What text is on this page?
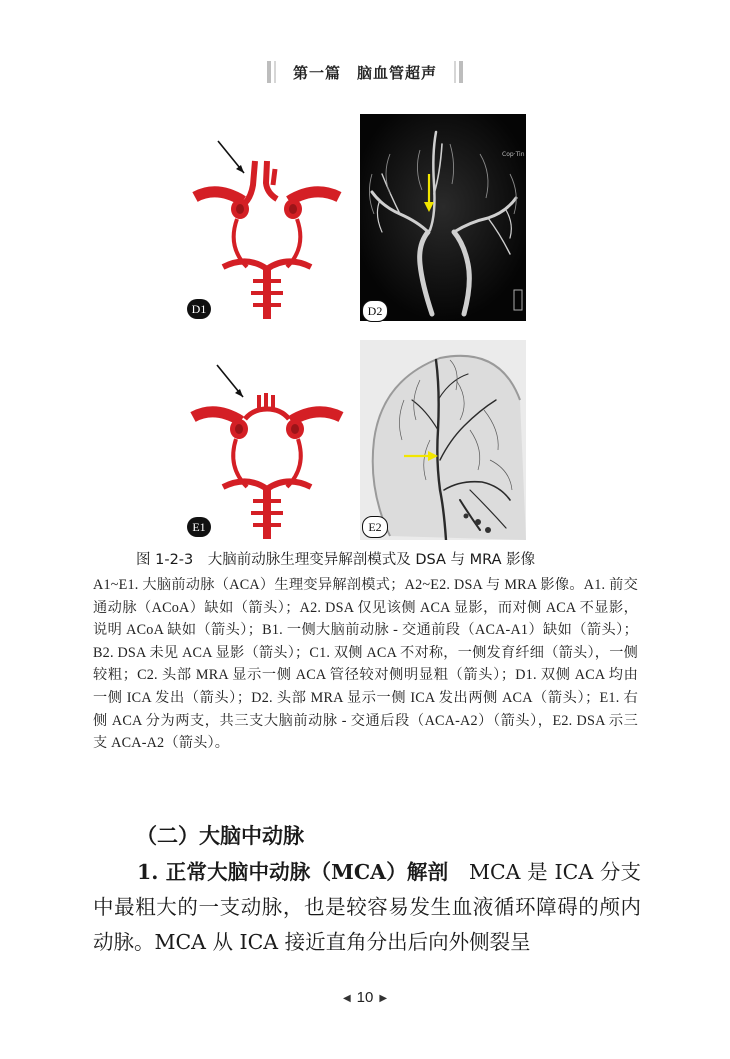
第一篇　脑血管超声
D1
Cop·Tin
D2
E1	E2
图 1-2-3　大脑前动脉生理变异解剖模式及 DSA 与 MRA 影像
A1~E1. 大脑前动脉（ACA）生理变异解剖模式；A2~E2. DSA 与 MRA 影像。A1. 前交通动脉（ACoA）缺如（箭头）；A2. DSA 仅见该侧 ACA 显影，而对侧 ACA 不显影，说明 ACoA 缺如（箭头）；B1. 一侧大脑前动脉 - 交通前段（ACA-A1）缺如（箭头）；B2. DSA 未见 ACA 显影（箭头）；C1. 双侧 ACA 不对称，一侧发育纤细（箭头），一侧较粗；C2. 头部 MRA 显示一侧 ACA 管径较对侧明显粗（箭头）；D1. 双侧 ACA 均由一侧 ICA 发出（箭头）；D2. 头部 MRA 显示一侧 ICA 发出两侧 ACA（箭头）；E1. 右侧 ACA 分为两支，共三支大脑前动脉 - 交通后段（ACA-A2）（箭头），E2. DSA 示三支 ACA-A2（箭头）。
（二）大脑中动脉
1. 正常大脑中动脉（MCA）解剖　MCA 是 ICA 分支中最粗大的一支动脉，也是较容易发生血液循环障碍的颅内动脉。MCA 从 ICA 接近直角分出后向外侧裂呈
◀ 10 ▶
